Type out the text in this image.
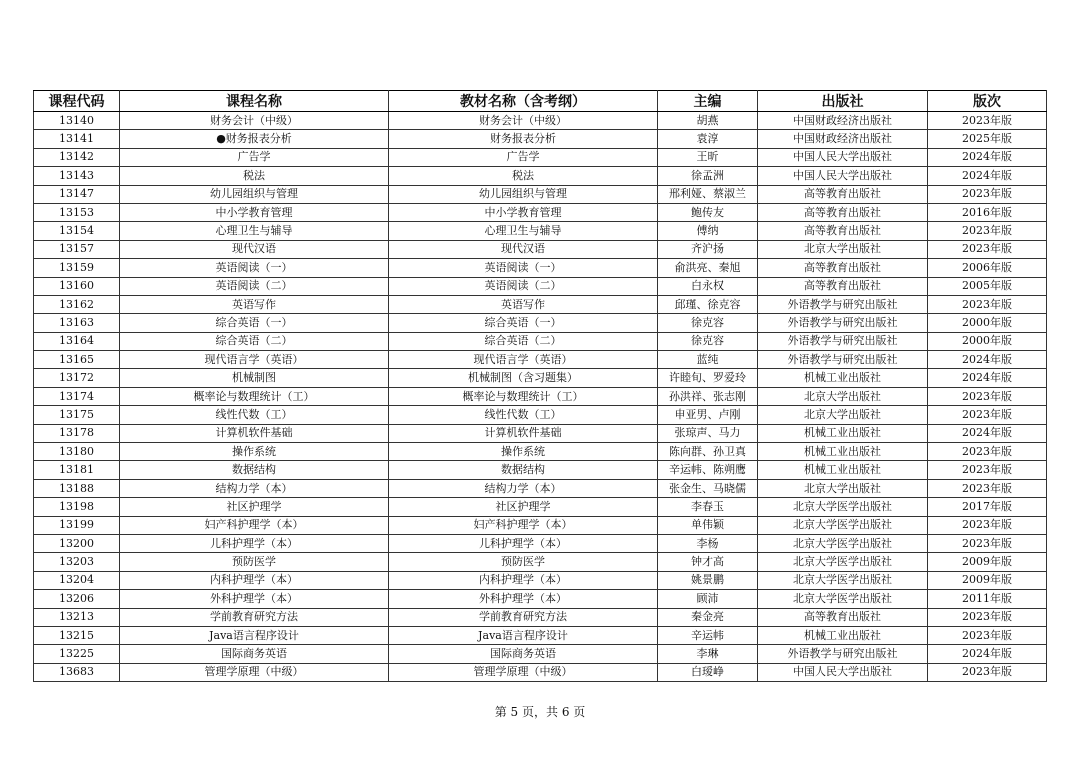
课程代码	课程名称	教材名称（含考纲）	主编	出版社	版次
13140	财务会计（中级）	财务会计（中级）	胡燕	中国财政经济出版社	2023年版
13141	●财务报表分析	财务报表分析	袁淳	中国财政经济出版社	2025年版
13142	广告学	广告学	王昕	中国人民大学出版社	2024年版
13143	税法	税法	徐孟洲	中国人民大学出版社	2024年版
13147	幼儿园组织与管理	幼儿园组织与管理	邢利娅、蔡淑兰	高等教育出版社	2023年版
13153	中小学教育管理	中小学教育管理	鲍传友	高等教育出版社	2016年版
13154	心理卫生与辅导	心理卫生与辅导	傅纳	高等教育出版社	2023年版
13157	现代汉语	现代汉语	齐沪扬	北京大学出版社	2023年版
13159	英语阅读（一）	英语阅读（一）	俞洪亮、秦旭	高等教育出版社	2006年版
13160	英语阅读（二）	英语阅读（二）	白永权	高等教育出版社	2005年版
13162	英语写作	英语写作	邱瑾、徐克容	外语教学与研究出版社	2023年版
13163	综合英语（一）	综合英语（一）	徐克容	外语教学与研究出版社	2000年版
13164	综合英语（二）	综合英语（二）	徐克容	外语教学与研究出版社	2000年版
13165	现代语言学（英语）	现代语言学（英语）	蓝纯	外语教学与研究出版社	2024年版
13172	机械制图	机械制图（含习题集）	许睦旬、罗爱玲	机械工业出版社	2024年版
13174	概率论与数理统计（工）	概率论与数理统计（工）	孙洪祥、张志刚	北京大学出版社	2023年版
13175	线性代数（工）	线性代数（工）	申亚男、卢刚	北京大学出版社	2023年版
13178	计算机软件基础	计算机软件基础	张琼声、马力	机械工业出版社	2024年版
13180	操作系统	操作系统	陈向群、孙卫真	机械工业出版社	2023年版
13181	数据结构	数据结构	辛运帏、陈朔鹰	机械工业出版社	2023年版
13188	结构力学（本）	结构力学（本）	张金生、马晓儒	北京大学出版社	2023年版
13198	社区护理学	社区护理学	李春玉	北京大学医学出版社	2017年版
13199	妇产科护理学（本）	妇产科护理学（本）	单伟颖	北京大学医学出版社	2023年版
13200	儿科护理学（本）	儿科护理学（本）	李杨	北京大学医学出版社	2023年版
13203	预防医学	预防医学	钟才高	北京大学医学出版社	2009年版
13204	内科护理学（本）	内科护理学（本）	姚景鹏	北京大学医学出版社	2009年版
13206	外科护理学（本）	外科护理学（本）	顾沛	北京大学医学出版社	2011年版
13213	学前教育研究方法	学前教育研究方法	秦金亮	高等教育出版社	2023年版
13215	Java语言程序设计	Java语言程序设计	辛运帏	机械工业出版社	2023年版
13225	国际商务英语	国际商务英语	李琳	外语教学与研究出版社	2024年版
13683	管理学原理（中级）	管理学原理（中级）	白瑷峥	中国人民大学出版社	2023年版
第 5 页，共 6 页
